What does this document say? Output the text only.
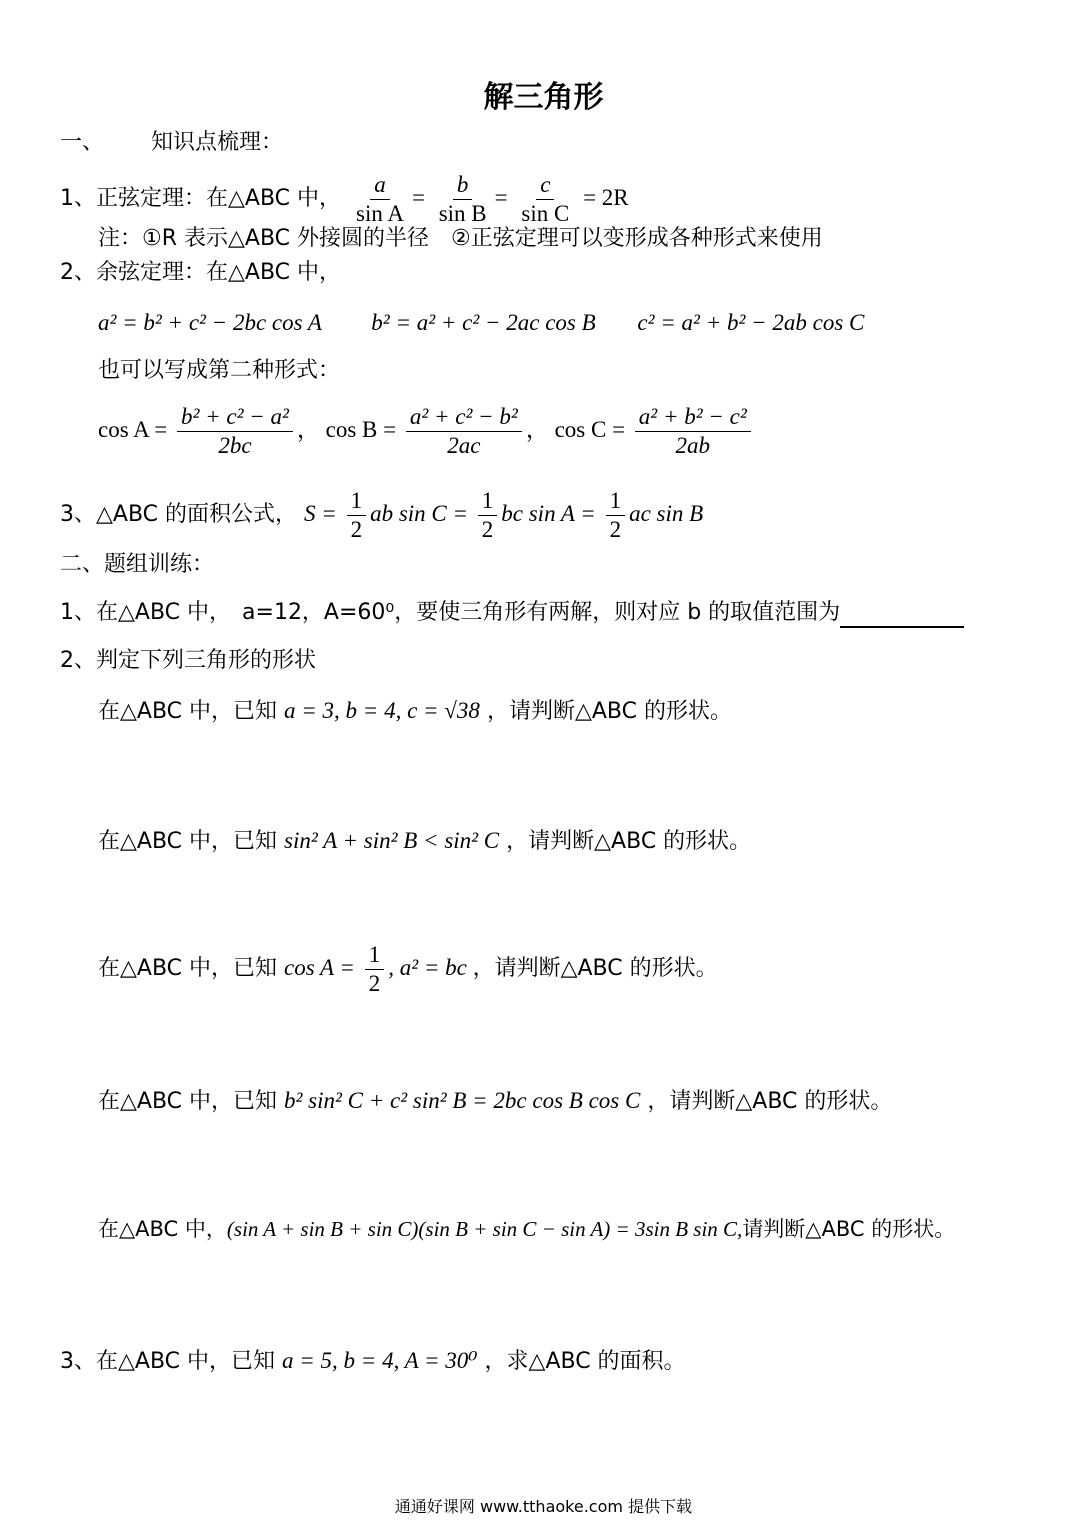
解三角形
一、 知识点梳理：
1、正弦定理：在△ABC 中， $\frac{a}{\text{sin A}} = \frac{b}{\text{sin B}} = \frac{c}{\text{sin C}} = 2R$
注：①R 表示△ABC 外接圆的半径　②正弦定理可以变形成各种形式来使用
2、余弦定理：在△ABC 中，
a² = b² + c² − 2bc cos A b² = a² + c² − 2ac cos B c² = a² + b² − 2ab cos C
也可以写成第二种形式：
$\cos A = \frac{\text{b² + c² − a²}}{2bc}$ ， $\cos B = \frac{\text{a² + c² − b²}}{2ac}$ ， $\cos C = \frac{\text{a² + b² − c²}}{2ab}$
3、△ABC 的面积公式， $S = \frac{1}{2}$ ab $\sin C = \frac{1}{2}$ bc $\sin A = \frac{1}{2}$ ac sin B
二、题组训练：
1、在△ABC 中，　a=12，A=60⁰，要使三角形有两解，则对应 b 的取值范围为
2、判定下列三角形的形状
在△ABC 中，已知 a = 3, b = 4, c = √38 ，请判断△ABC 的形状。
在△ABC 中，已知 sin² A + sin² B < sin² C ，请判断△ABC 的形状。
在△ABC 中，已知 $\cos A = \frac{1}{2}$ , a² = bc ，请判断△ABC 的形状。
在△ABC 中，已知 b² sin² C + c² sin² B = 2bc cos B cos C ，请判断△ABC 的形状。
在△ABC 中，(sin A + sin B + sin C)(sin B + sin C − sin A) = 3sin B sin C,请判断△ABC 的形状。
3、在△ABC 中，已知 a = 5, b = 4, A = 30⁰ ，求△ABC 的面积。
通通好课网 www.tthaoke.com 提供下载
